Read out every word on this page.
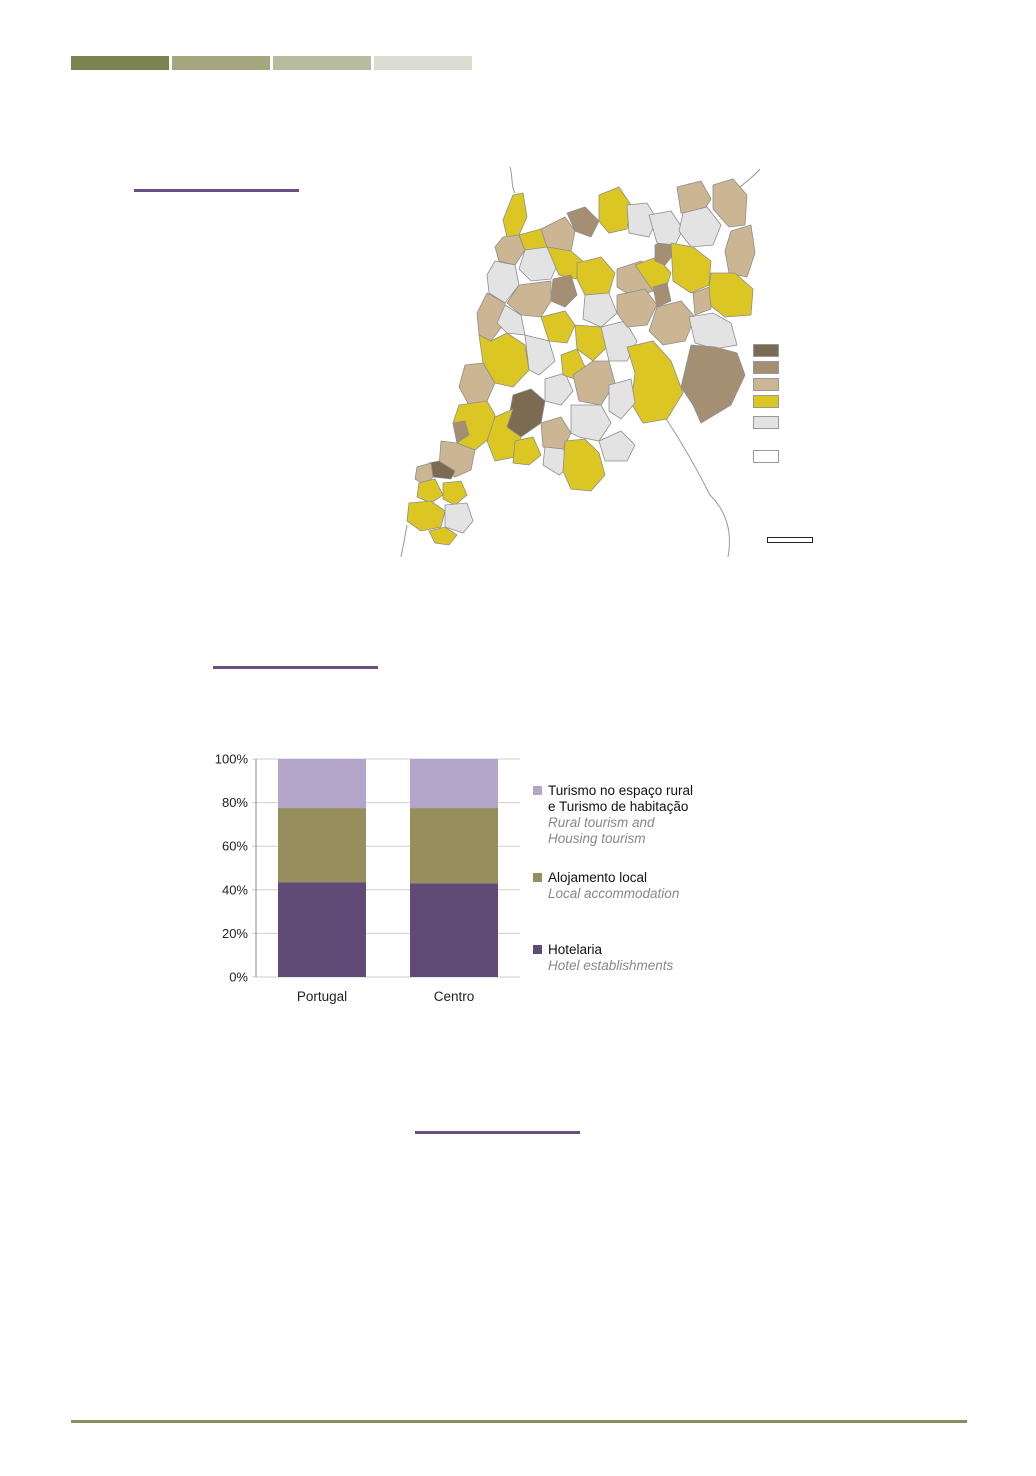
0%
20%
40%
60%
80%
100%
Portugal	Centro
Turismo no espaço rural
e Turismo de habitação
Rural tourism and
Housing tourism
Alojamento local
Local accommodation
Hotelaria
Hotel establishments
